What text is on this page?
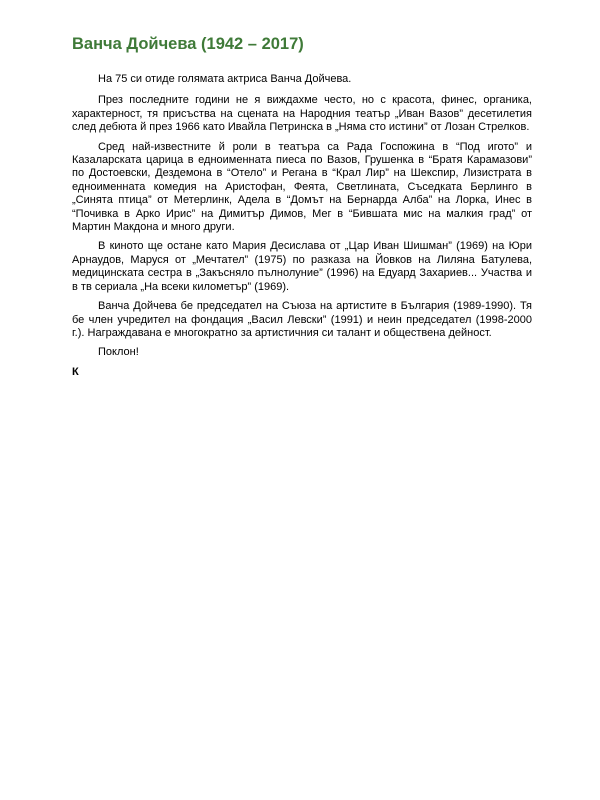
Ванча Дойчева (1942 – 2017)

На 75 си отиде голямата актриса Ванча Дойчева.

През последните години не я виждахме често, но с красота, финес, органика, характерност, тя присъства на сцената на Народния театър „Иван Вазов” десетилетия след дебюта й през 1966 като Ивайла Петринска в „Няма сто истини” от Лозан Стрелков.

Сред най-известните й роли в театъра са Рада Госпожина в “Под игото” и Казаларската царица в едноименната пиеса по Вазов, Грушенка в “Братя Карамазови” по Достоевски, Дездемона в “Отело” и Регана в “Крал Лир” на Шекспир, Лизистрата в едноименната комедия на Аристофан, Феята, Светлината, Съседката Берлинго в „Синята птица” от Метерлинк, Аделa в “Домът на Бернарда Алба” на Лорка, Инес в “Почивка в Арко Ирис” на Димитър Димов, Мег в “Бившата мис на малкия град” от Мартин Макдона и много други.

В киното ще остане като Мария Десислава от „Цар Иван Шишман” (1969) на Юри Арнаудов, Маруся от „Мечтател” (1975) по разказа на Йовков на Лиляна Батулева, медицинската сестра в „Закъсняло пълнолуние” (1996) на Едуард Захариев... Участва и в тв сериала „На всеки километър” (1969).

Ванча Дойчева бе председател на Съюза на артистите в България (1989-1990). Тя бе член учредител на фондация „Васил Левски” (1991) и неин председател (1998-2000 г.). Награждавана е многократно за артистичния си талант и обществена дейност.

Поклон!

К
